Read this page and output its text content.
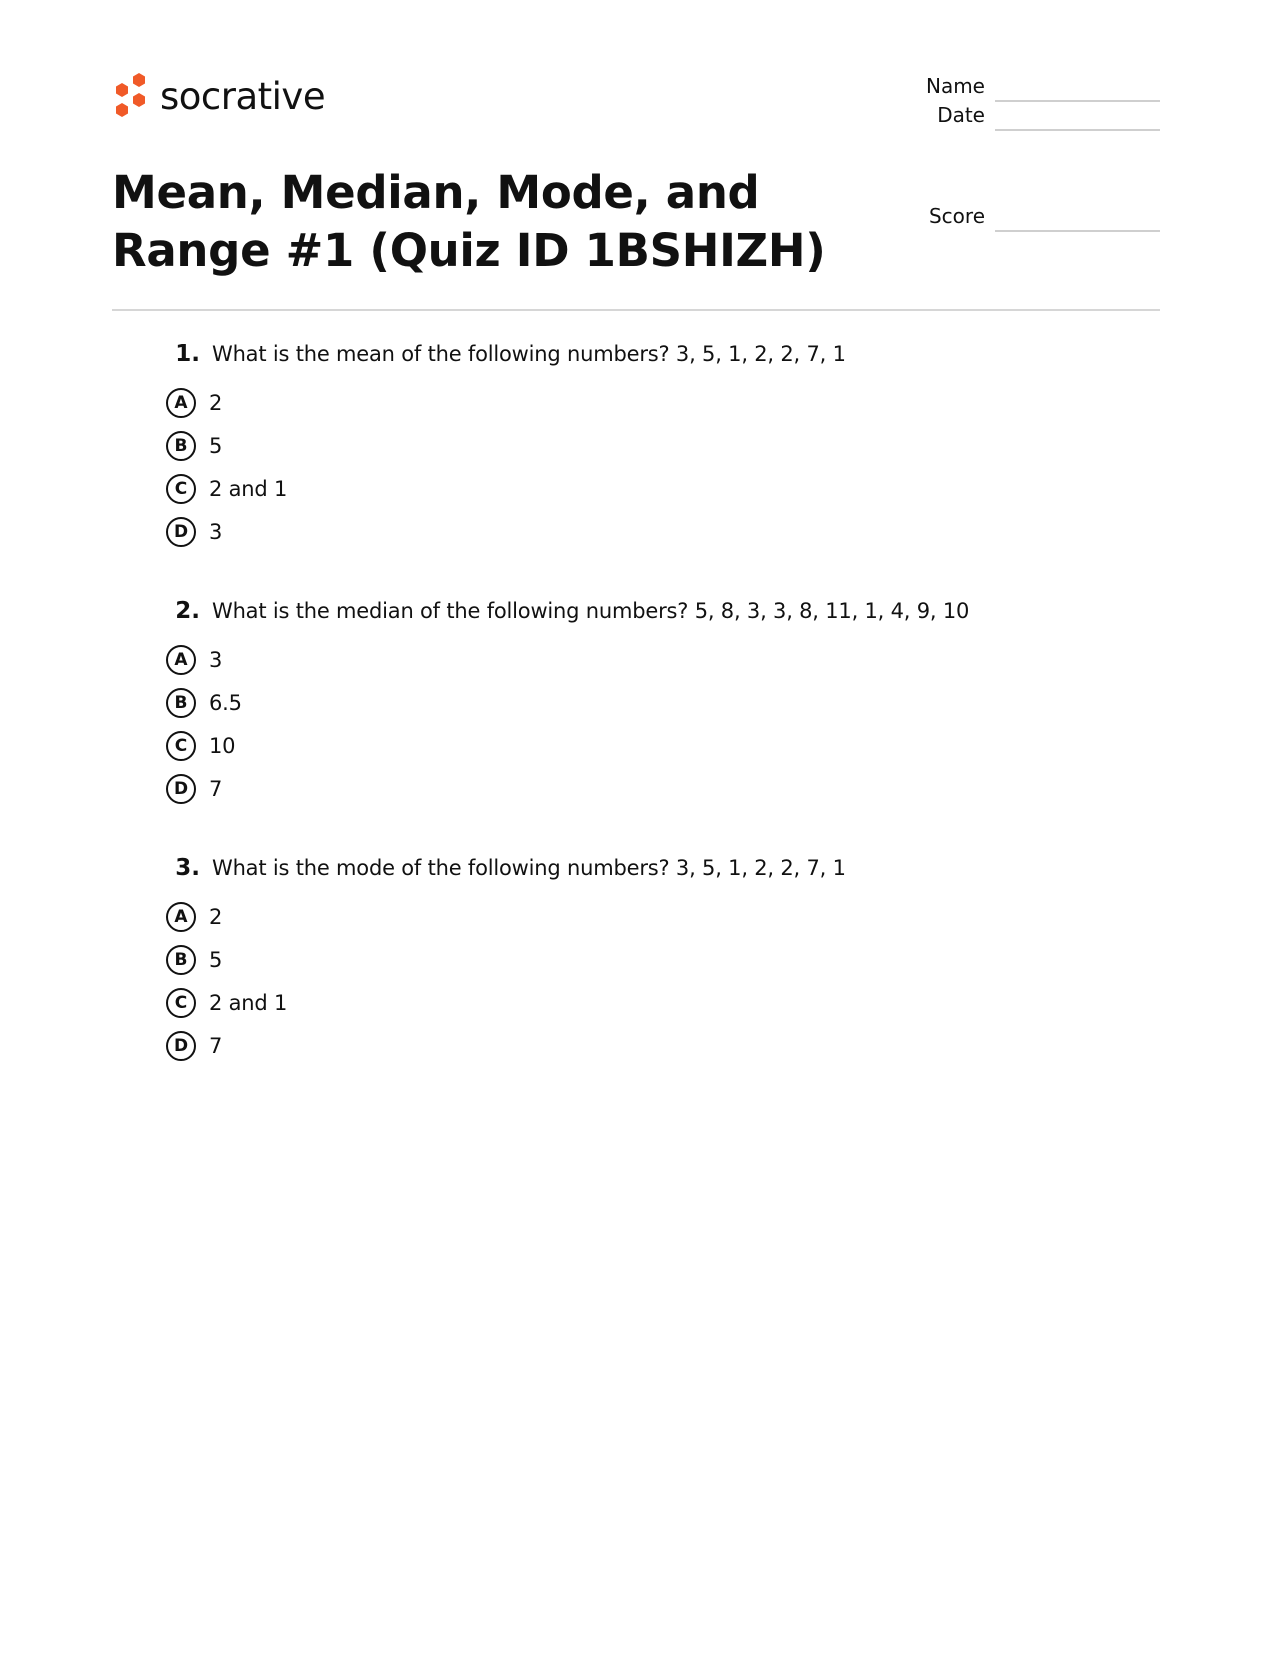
socrative	Name
Date
Score
Mean, Median, Mode, and Range #1 (Quiz ID 1BSHIZH)
1. What is the mean of the following numbers? 3, 5, 1, 2, 2, 7, 1
A	2
B	5
C	2 and 1
D 3
2. What is the median of the following numbers? 5, 8, 3, 3, 8, 11, 1, 4, 9, 10
A	3
B	6.5
C	10
D 7
3. What is the mode of the following numbers? 3, 5, 1, 2, 2, 7, 1
A	2
B	5
C	2 and 1
D 7
